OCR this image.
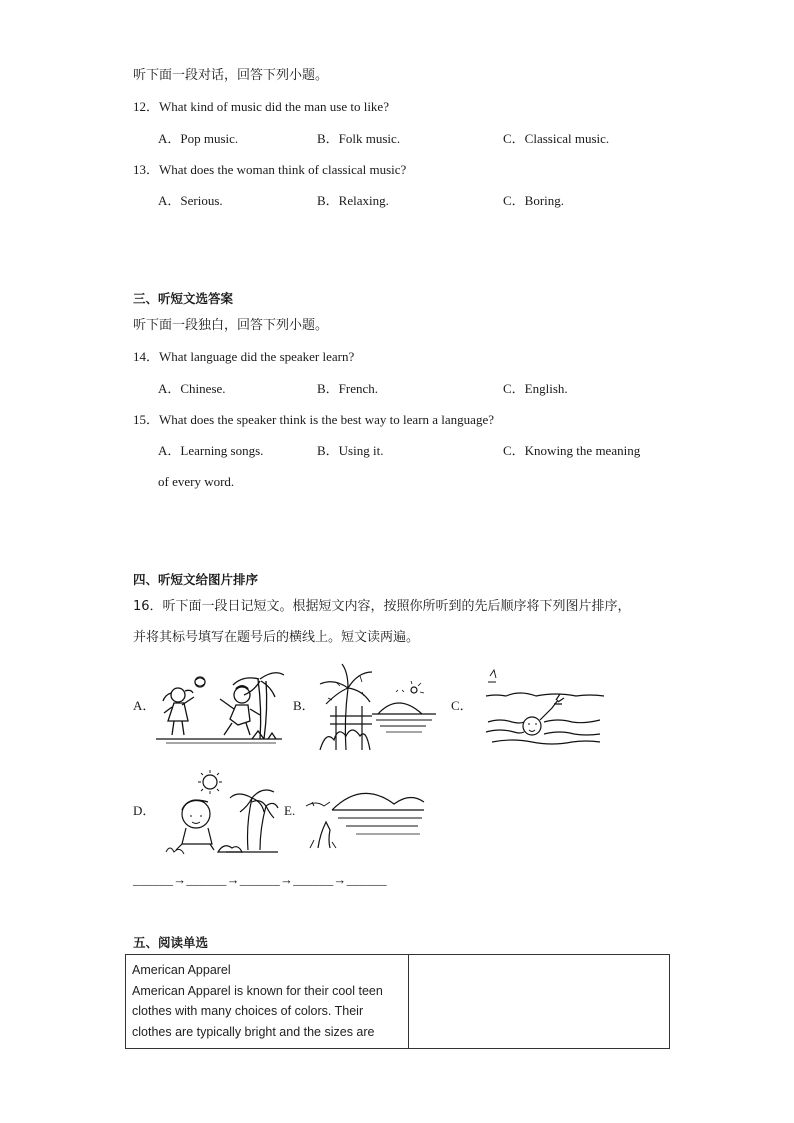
听下面一段对话，回答下列小题。
12．What kind of music did the man use to like?
A．Pop music.	B．Folk music.	C．Classical music.
13．What does the woman think of classical music?
A．Serious.	B．Relaxing.	C．Boring.
三、听短文选答案
听下面一段独白，回答下列小题。
14．What language did the speaker learn?
A．Chinese.	B．French.	C．English.
15．What does the speaker think is the best way to learn a language?
A．Learning songs.	B．Using it.	C．Knowing the meaning
of every word.
四、听短文给图片排序
16．听下面一段日记短文。根据短文内容，按照你所听到的先后顺序将下列图片排序，
并将其标号填写在题号后的横线上。短文读两遍。
A．	B．	C．
D．	E.
______→______→______→______→______
五、阅读单选
American Apparel
American Apparel is known for their cool teen
clothes with many choices of colors. Their
clothes are typically bright and the sizes are
